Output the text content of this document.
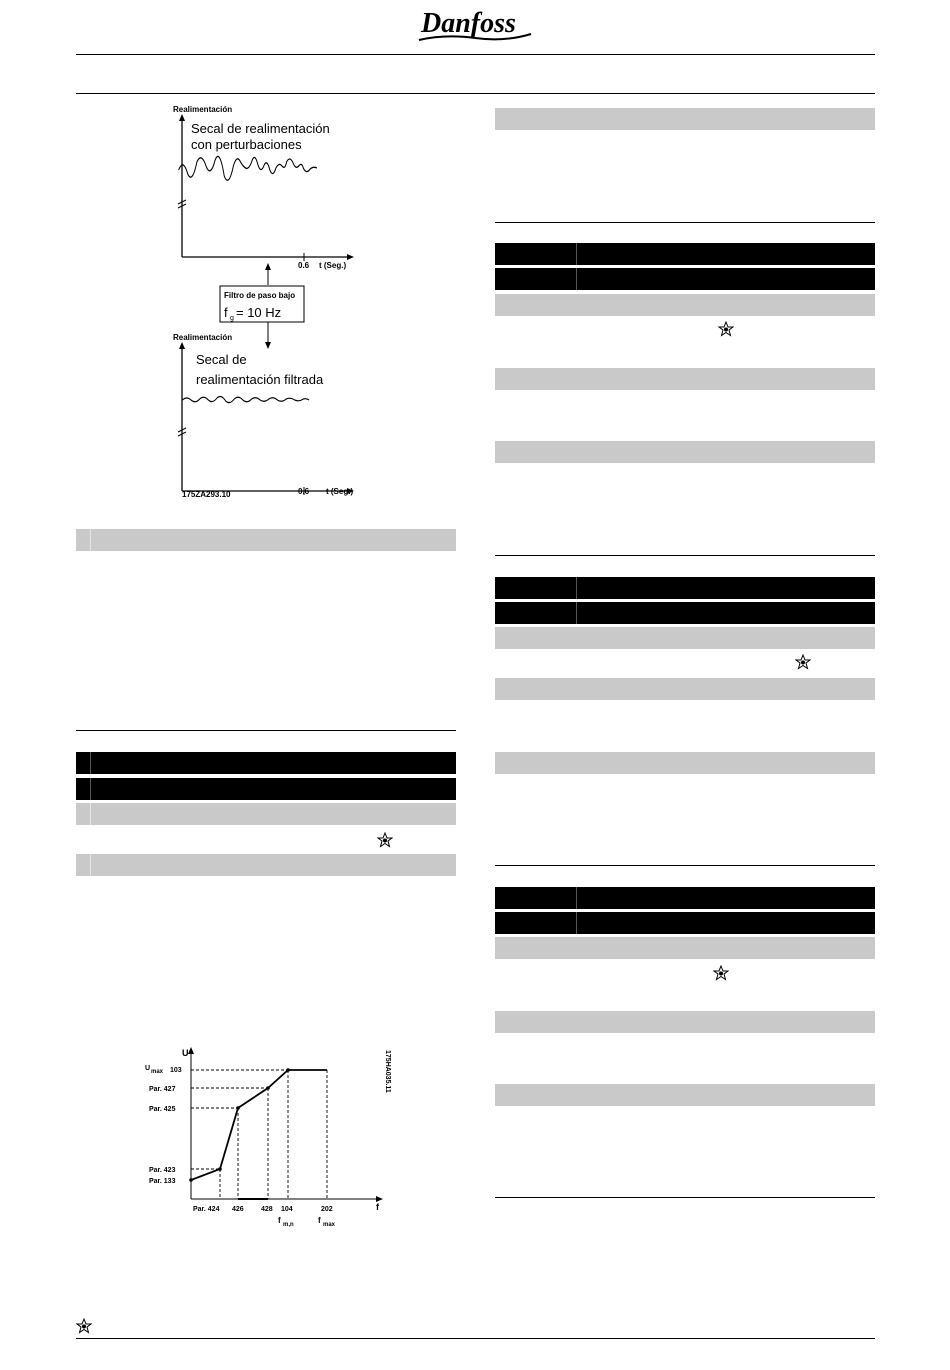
Danfoss
Realimentación
Secal de realimentación
con perturbaciones
0.6 t (Seg.)
Filtro de paso bajo
f g = 10 Hz
Realimentación
Secal de
realimentación filtrada
0.6 t (Seg.)
175ZA293.10
U
f
175HA035.11
U max 103
Par. 427
Par. 425
Par. 423
Par. 133
Par. 424 426 428 104	202
f m,n	f max
